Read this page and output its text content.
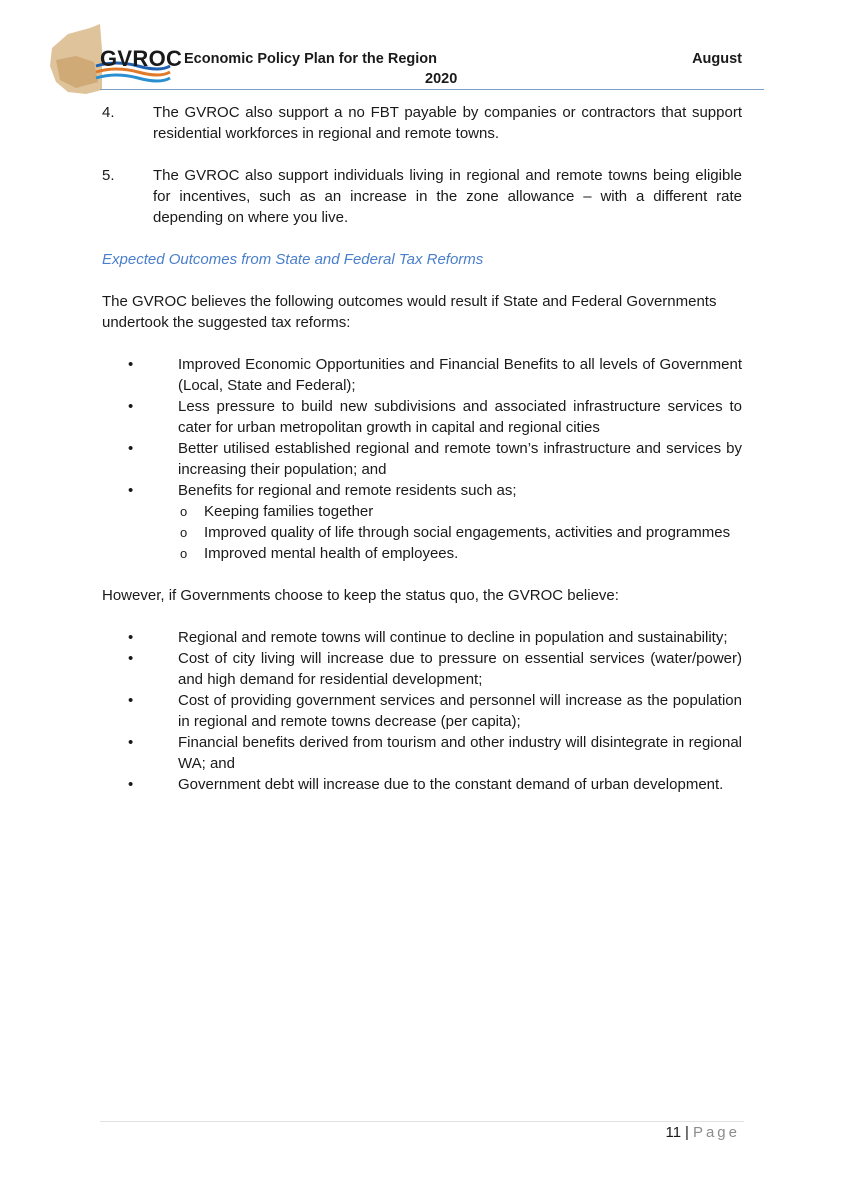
GVROC Economic Policy Plan for the Region	August
2020
4.	The GVROC also support a no FBT payable by companies or contractors that support residential workforces in regional and remote towns.
5.	The GVROC also support individuals living in regional and remote towns being eligible for incentives, such as an increase in the zone allowance – with a different rate depending on where you live.

Expected Outcomes from State and Federal Tax Reforms

The GVROC believes the following outcomes would result if State and Federal Governments undertook the suggested tax reforms:

•	Improved Economic Opportunities and Financial Benefits to all levels of Government (Local, State and Federal);
•	Less pressure to build new subdivisions and associated infrastructure services to cater for urban metropolitan growth in capital and regional cities
•	Better utilised established regional and remote town’s infrastructure and services by increasing their population; and
•	Benefits for regional and remote residents such as;
o Keeping families together
o Improved quality of life through social engagements, activities and programmes
o Improved mental health of employees.

However, if Governments choose to keep the status quo, the GVROC believe:

•	Regional and remote towns will continue to decline in population and sustainability;
•	Cost of city living will increase due to pressure on essential services (water/power) and high demand for residential development;
•	Cost of providing government services and personnel will increase as the population in regional and remote towns decrease (per capita);
•	Financial benefits derived from tourism and other industry will disintegrate in regional WA; and
•	Government debt will increase due to the constant demand of urban development.
11 | Page
